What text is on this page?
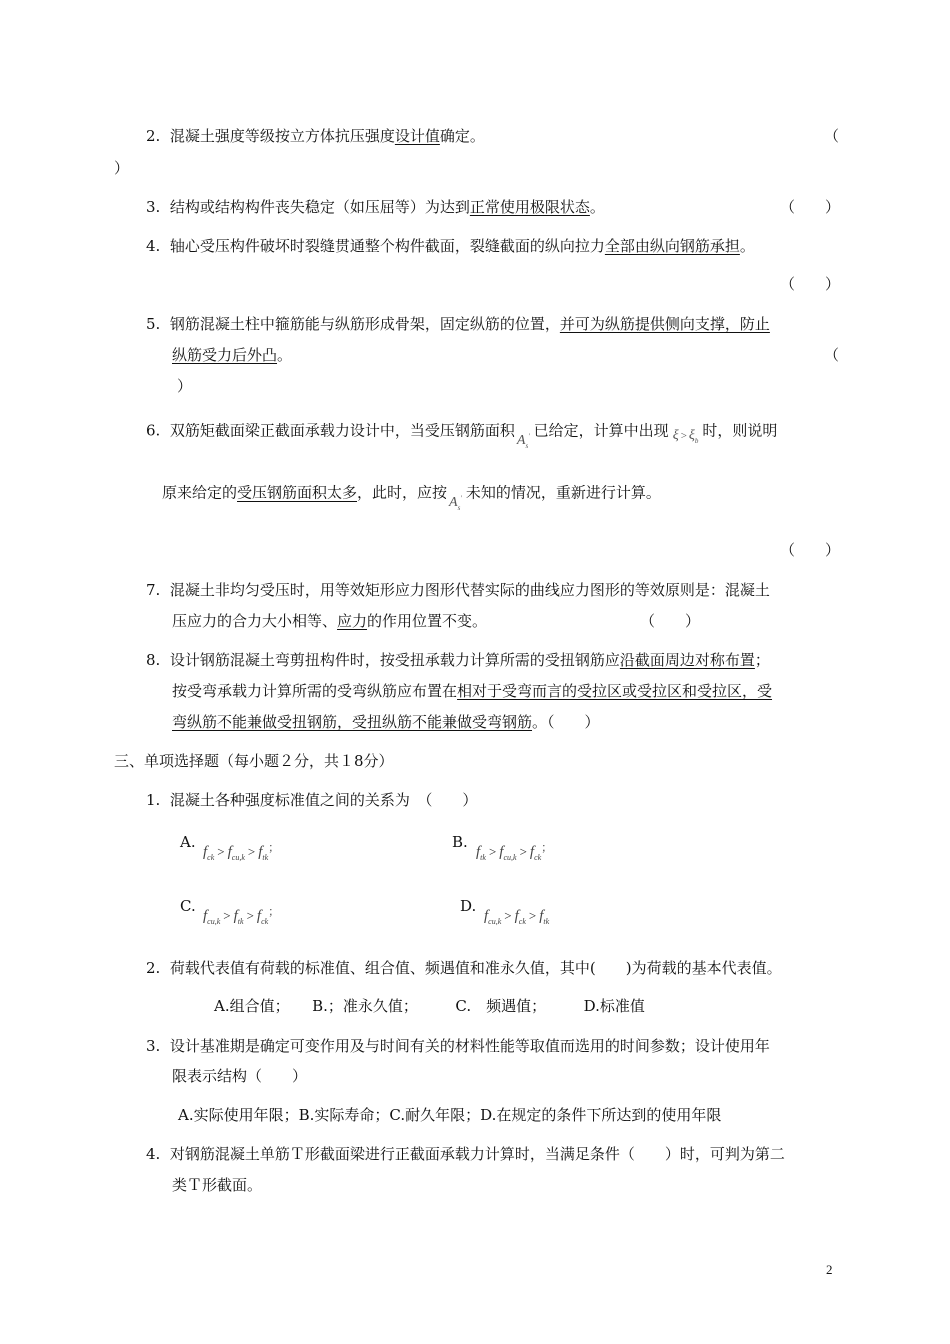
2. 混凝土强度等级按立方体抗压强度设计值确定。	（
）
3. 结构或结构构件丧失稳定（如压屈等）为达到正常使用极限状态。	（　　）
4. 轴心受压构件破坏时裂缝贯通整个构件截面，裂缝截面的纵向拉力全部由纵向钢筋承担。
（　　）
5. 钢筋混凝土柱中箍筋能与纵筋形成骨架，固定纵筋的位置，并可为纵筋提供侧向支撑，防止
纵筋受力后外凸。	（
）
6. 双筋矩截面梁正截面承载力设计中，当受压钢筋面积$A_s'$ 已给定，计算中出现 $\xi > \xi_b$时，则说明
原来给定的受压钢筋面积太多，此时，应按$A_s'$ 未知的情况，重新进行计算。
（　　）
7. 混凝土非均匀受压时，用等效矩形应力图形代替实际的曲线应力图形的等效原则是：混凝土
压应力的合力大小相等、应力的作用位置不变。	（　　）
8. 设计钢筋混凝土弯剪扭构件时，按受扭承载力计算所需的受扭钢筋应沿截面周边对称布置；
按受弯承载力计算所需的受弯纵筋应布置在相对于受弯而言的受拉区或受拉区和受拉区，受
弯纵筋不能兼做受扭钢筋，受扭纵筋不能兼做受弯钢筋。（　　）
三、单项选择题（每小题２分，共１8分）
1. 混凝土各种强度标准值之间的关系为　（　　）
A.
$f_{ck} > f_{cu,k} > f_{tk}^;$	B.
$f_{tk} > f_{cu,k} > f_{ck}^;$
C.
$f_{cu,k} > f_{tk} > f_{ck}^;$	D.
$f_{cu,k} > f_{ck} > f_{tk}$
2. 荷载代表值有荷载的标准值、组合值、频遇值和准永久值，其中(　　)为荷载的基本代表值。
A.组合值；　　B.；准永久值；　　　C.　频遇值；　　　D.标准值
3. 设计基准期是确定可变作用及与时间有关的材料性能等取值而选用的时间参数；设计使用年
限表示结构（　　）
A.实际使用年限；B.实际寿命；C.耐久年限；D.在规定的条件下所达到的使用年限
4. 对钢筋混凝土单筋Ｔ形截面梁进行正截面承载力计算时，当满足条件（　　）时，可判为第二
类Ｔ形截面。
2
